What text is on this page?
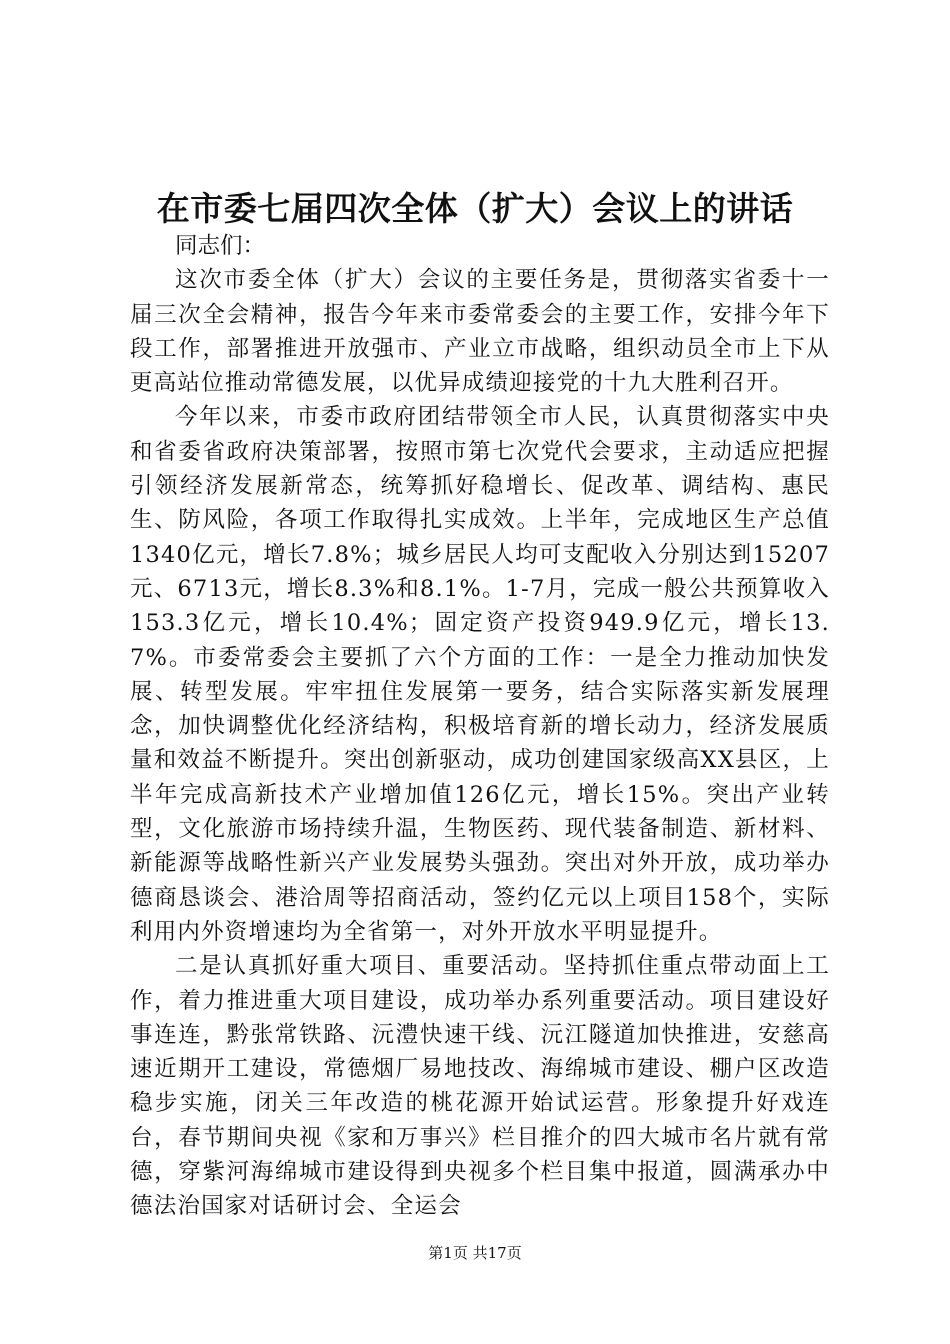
在市委七届四次全体（扩大）会议上的讲话

同志们：

这次市委全体（扩大）会议的主要任务是，贯彻落实省委十一届三次全会精神，报告今年来市委常委会的主要工作，安排今年下段工作，部署推进开放强市、产业立市战略，组织动员全市上下从更高站位推动常德发展，以优异成绩迎接党的十九大胜利召开。

今年以来，市委市政府团结带领全市人民，认真贯彻落实中央和省委省政府决策部署，按照市第七次党代会要求，主动适应把握引领经济发展新常态，统筹抓好稳增长、促改革、调结构、惠民生、防风险，各项工作取得扎实成效。上半年，完成地区生产总值1340亿元，增长7.8%；城乡居民人均可支配收入分别达到15207元、6713元，增长8.3%和8.1%。1-7月，完成一般公共预算收入153.3亿元，增长10.4%；固定资产投资949.9亿元，增长13.7%。市委常委会主要抓了六个方面的工作：一是全力推动加快发展、转型发展。牢牢扭住发展第一要务，结合实际落实新发展理念，加快调整优化经济结构，积极培育新的增长动力，经济发展质量和效益不断提升。突出创新驱动，成功创建国家级高XX县区，上半年完成高新技术产业增加值126亿元，增长15%。突出产业转型，文化旅游市场持续升温，生物医药、现代装备制造、新材料、新能源等战略性新兴产业发展势头强劲。突出对外开放，成功举办德商恳谈会、港洽周等招商活动，签约亿元以上项目158个，实际利用内外资增速均为全省第一，对外开放水平明显提升。

二是认真抓好重大项目、重要活动。坚持抓住重点带动面上工作，着力推进重大项目建设，成功举办系列重要活动。项目建设好事连连，黔张常铁路、沅澧快速干线、沅江隧道加快推进，安慈高速近期开工建设，常德烟厂易地技改、海绵城市建设、棚户区改造稳步实施，闭关三年改造的桃花源开始试运营。形象提升好戏连台，春节期间央视《家和万事兴》栏目推介的四大城市名片就有常德，穿紫河海绵城市建设得到央视多个栏目集中报道，圆满承办中德法治国家对话研讨会、全运会

第1页 共17页
